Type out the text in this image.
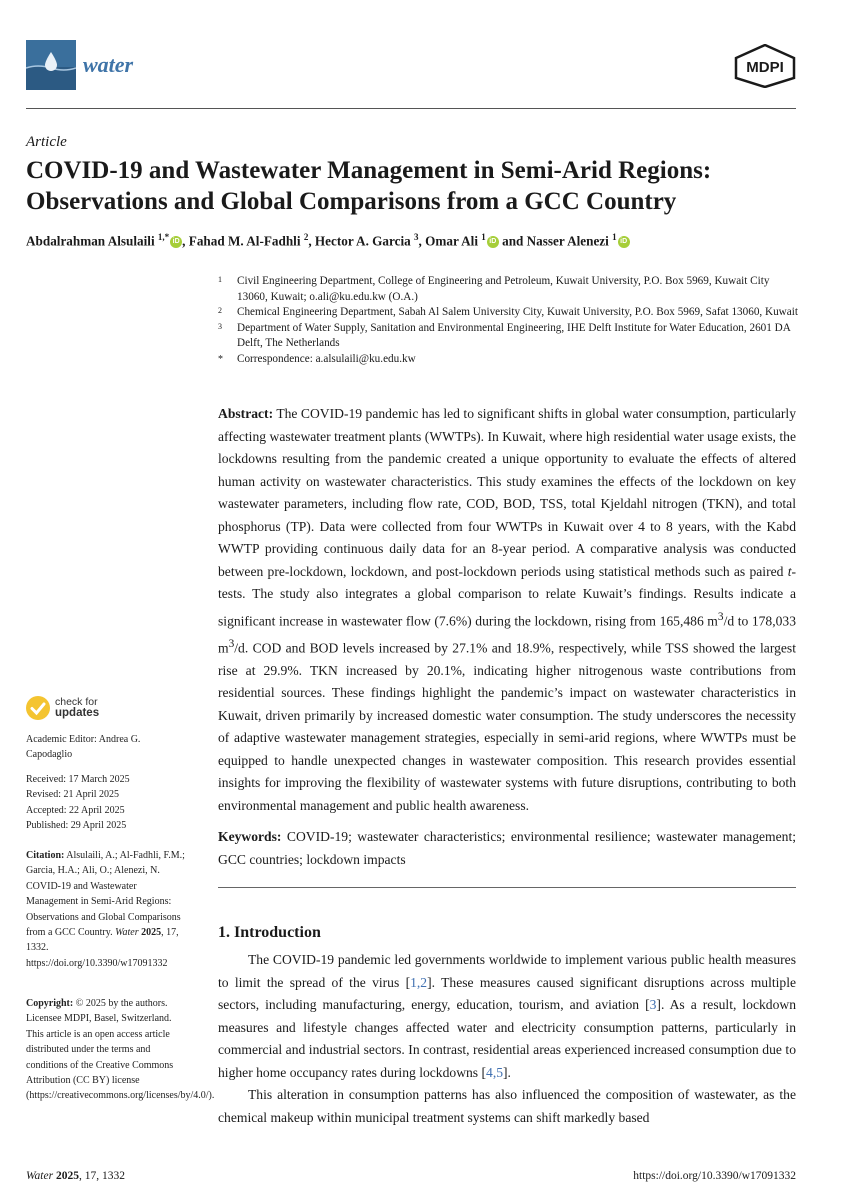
water	MDPI
Article
COVID-19 and Wastewater Management in Semi-Arid Regions:
Observations and Global Comparisons from a GCC Country
Abdalrahman Alsulaili $^{1,*}$ iD , Fahad M. Al-Fadhli $^2$, Hector A. Garcia $^3$, Omar Ali $^1$ iD and Nasser Alenezi $^1$ iD
1 Civil Engineering Department, College of Engineering and Petroleum, Kuwait University, P.O. Box 5969, Kuwait City 13060, Kuwait; o.ali@ku.edu.kw (O.A.)
2 Chemical Engineering Department, Sabah Al Salem University City, Kuwait University, P.O. Box 5969, Safat 13060, Kuwait
3 Department of Water Supply, Sanitation and Environmental Engineering, IHE Delft Institute for Water Education, 2601 DA Delft, The Netherlands
* Correspondence: a.alsulaili@ku.edu.kw
Abstract: The COVID-19 pandemic has led to significant shifts in global water consumption, particularly affecting wastewater treatment plants (WWTPs). In Kuwait, where high residential water usage exists, the lockdowns resulting from the pandemic created a unique opportunity to evaluate the effects of altered human activity on wastewater characteristics. This study examines the effects of the lockdown on key wastewater parameters, including flow rate, COD, BOD, TSS, total Kjeldahl nitrogen (TKN), and total phosphorus (TP). Data were collected from four WWTPs in Kuwait over 4 to 8 years, with the Kabd WWTP providing continuous daily data for an 8-year period. A comparative analysis was conducted between pre-lockdown, lockdown, and post-lockdown periods using statistical methods such as paired t-tests. The study also integrates a global comparison to relate Kuwait’s findings. Results indicate a significant increase in wastewater flow (7.6%) during the lockdown, rising from 165,486 $m^3/d$ to 178,033 $m^3/d$. COD and BOD levels increased by 27.1% and 18.9%, respectively, while TSS showed the largest rise at 29.9%. TKN increased by 20.1%, indicating higher nitrogenous waste contributions from residential sources. These findings highlight the pandemic’s impact on wastewater characteristics in Kuwait, driven primarily by increased domestic water consumption. The study underscores the necessity of adaptive wastewater management strategies, especially in semi-arid regions, where WWTPs must be equipped to handle unexpected changes in wastewater composition. This research provides essential insights for improving the flexibility of wastewater systems with future disruptions, contributing to both environmental management and public health awareness.
Keywords: COVID-19; wastewater characteristics; environmental resilience; wastewater management; GCC countries; lockdown impacts
1. Introduction

The COVID-19 pandemic led governments worldwide to implement various public health measures to limit the spread of the virus [1,2]. These measures caused significant disruptions across multiple sectors, including manufacturing, energy, education, tourism, and aviation [3]. As a result, lockdown measures and lifestyle changes affected water and electricity consumption patterns, particularly in commercial and industrial sectors. In contrast, residential areas experienced increased consumption due to higher home occupancy rates during lockdowns [4,5].

This alteration in consumption patterns has also influenced the composition of wastewater, as the chemical makeup within municipal treatment systems can shift markedly based

check for
updates
Academic Editor: Andrea G. Capodaglio
Received: 17 March 2025
Revised: 21 April 2025
Accepted: 22 April 2025
Published: 29 April 2025
Citation: Alsulaili, A.; Al-Fadhli, F.M.; Garcia, H.A.; Ali, O.; Alenezi, N. COVID-19 and Wastewater Management in Semi-Arid Regions: Observations and Global Comparisons from a GCC Country. Water 2025, 17, 1332. https://doi.org/10.3390/w17091332
Copyright: © 2025 by the authors. Licensee MDPI, Basel, Switzerland. This article is an open access article distributed under the terms and conditions of the Creative Commons Attribution (CC BY) license (https://creativecommons.org/licenses/by/4.0/).
Water 2025, 17, 1332	https://doi.org/10.3390/w17091332
